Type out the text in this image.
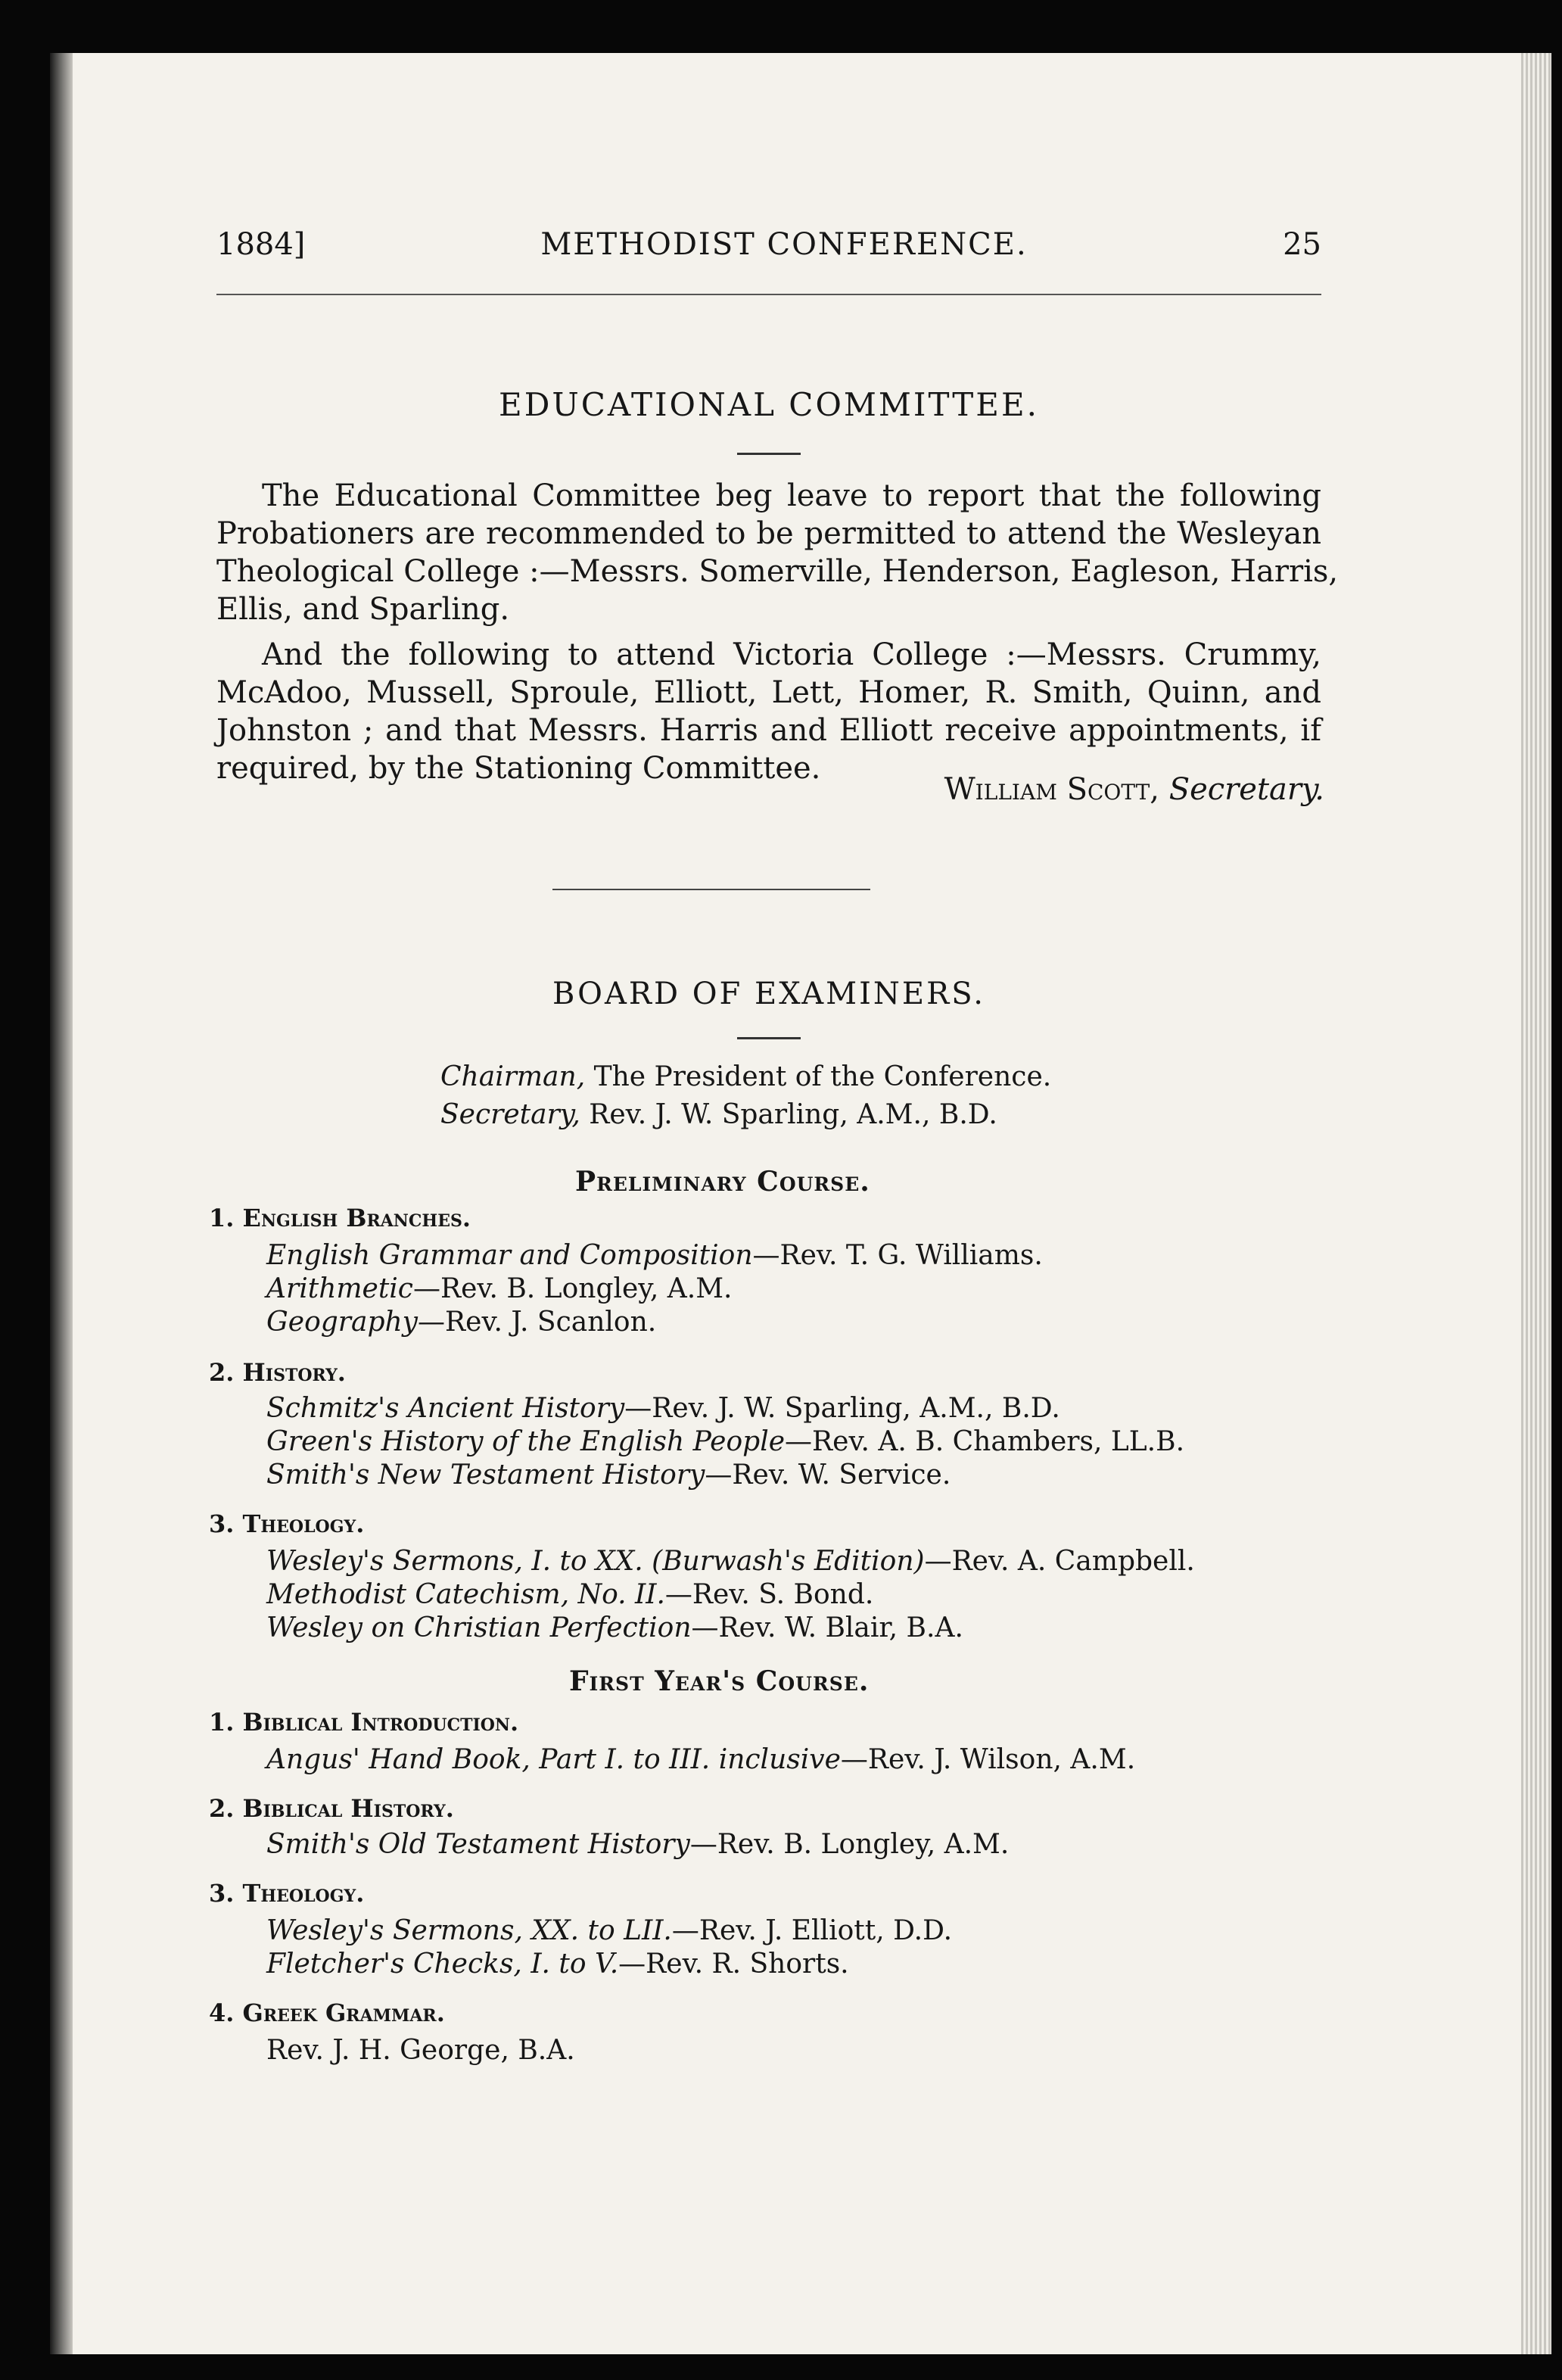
1884]	METHODIST CONFERENCE.	25
EDUCATIONAL COMMITTEE.
The Educational Committee beg leave to report that the following
Probationers are recommended to be permitted to attend the Wesleyan
Theological College :—Messrs. Somerville, Henderson, Eagleson, Harris,
Ellis, and Sparling.
And the following to attend Victoria College :—Messrs. Crummy,
McAdoo, Mussell, Sproule, Elliott, Lett, Homer, R. Smith, Quinn, and
Johnston ; and that Messrs. Harris and Elliott receive appointments, if
required, by the Stationing Committee.
William Scott, Secretary.
BOARD OF EXAMINERS.
Chairman, The President of the Conference.
Secretary, Rev. J. W. Sparling, A.M., B.D.
Preliminary Course.
1. English Branches.
English Grammar and Composition—Rev. T. G. Williams.
Arithmetic—Rev. B. Longley, A.M.
Geography—Rev. J. Scanlon.
2. History.
Schmitz's Ancient History—Rev. J. W. Sparling, A.M., B.D.
Green's History of the English People—Rev. A. B. Chambers, LL.B.
Smith's New Testament History—Rev. W. Service.
3. Theology.
Wesley's Sermons, I. to XX. (Burwash's Edition)—Rev. A. Campbell.
Methodist Catechism, No. II.—Rev. S. Bond.
Wesley on Christian Perfection—Rev. W. Blair, B.A.
First Year's Course.
1. Biblical Introduction.
Angus' Hand Book, Part I. to III. inclusive—Rev. J. Wilson, A.M.
2. Biblical History.
Smith's Old Testament History—Rev. B. Longley, A.M.
3. Theology.
Wesley's Sermons, XX. to LII.—Rev. J. Elliott, D.D.
Fletcher's Checks, I. to V.—Rev. R. Shorts.
4. Greek Grammar.
Rev. J. H. George, B.A.
